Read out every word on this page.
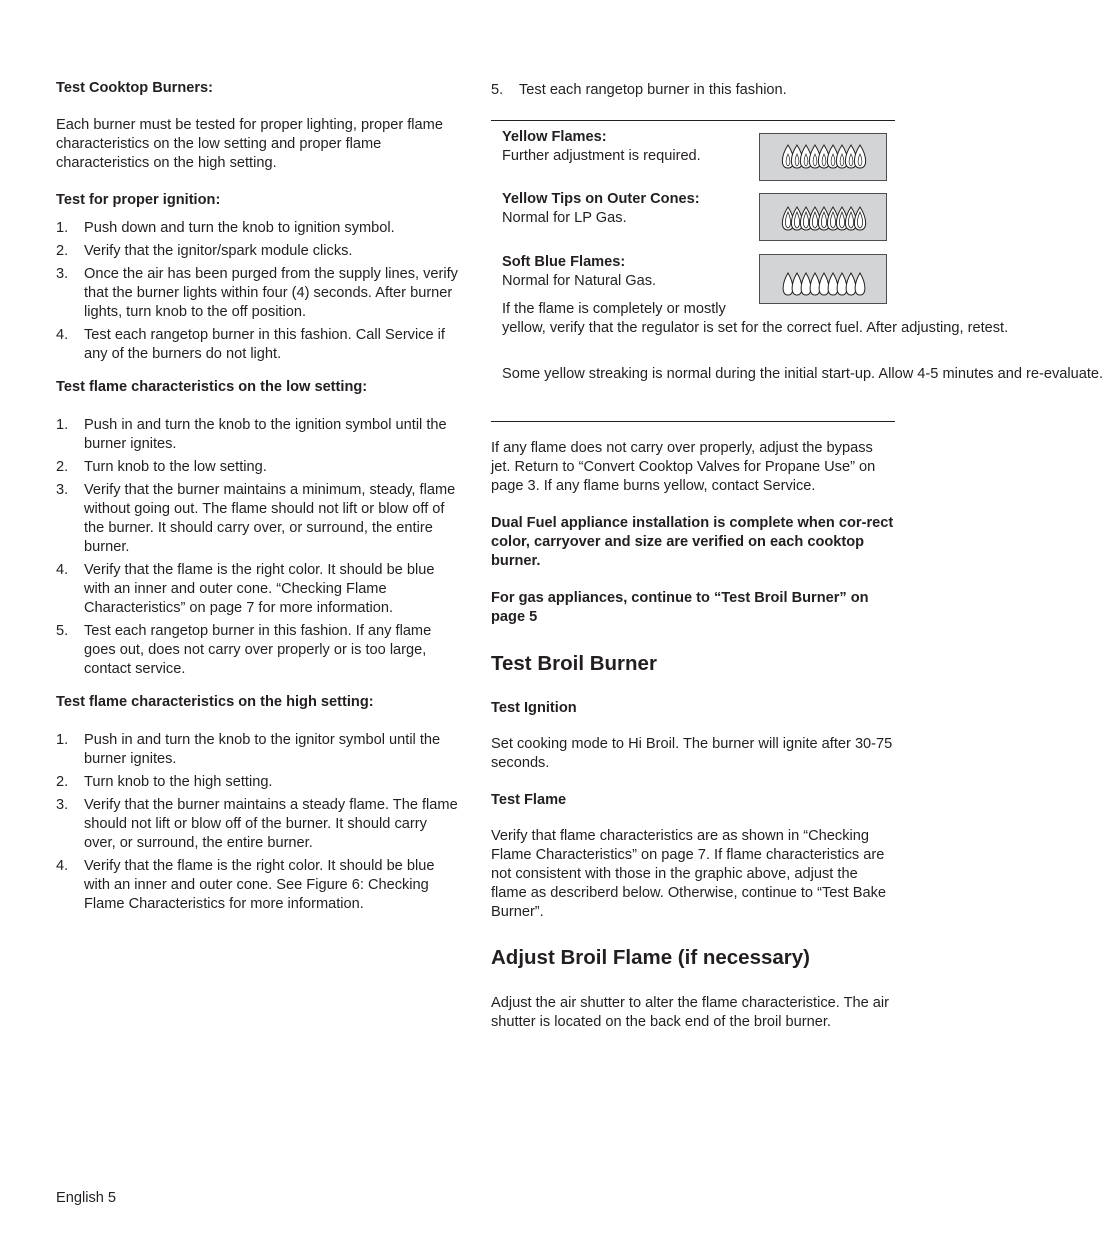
Test Cooktop Burners:

Each burner must be tested for proper lighting, proper flame characteristics on the low setting and proper flame characteristics on the high setting.

Test for proper ignition:

1. Push down and turn the knob to ignition symbol.
2. Verify that the ignitor/spark module clicks.
3. Once the air has been purged from the supply lines, verify that the burner lights within four (4) seconds. After burner lights, turn knob to the off position.
4. Test each rangetop burner in this fashion. Call Service if any of the burners do not light.

Test flame characteristics on the low setting:

1. Push in and turn the knob to the ignition symbol until the burner ignites.
2. Turn knob to the low setting.
3. Verify that the burner maintains a minimum, steady, flame without going out. The flame should not lift or blow off of the burner. It should carry over, or surround, the entire burner.
4. Verify that the flame is the right color. It should be blue with an inner and outer cone. “Checking Flame Characteristics” on page 7 for more information.
5. Test each rangetop burner in this fashion. If any flame goes out, does not carry over properly or is too large, contact service.

Test flame characteristics on the high setting:

1. Push in and turn the knob to the ignitor symbol until the burner ignites.
2. Turn knob to the high setting.
3. Verify that the burner maintains a steady flame. The flame should not lift or blow off of the burner. It should carry over, or surround, the entire burner.
4. Verify that the flame is the right color. It should be blue with an inner and outer cone. See Figure 6: Checking Flame Characteristics for more information.
5. Test each rangetop burner in this fashion.
Yellow Flames:
Further adjustment is required.
Yellow Tips on Outer Cones:
Normal for LP Gas.
Soft Blue Flames:
Normal for Natural Gas.
If the flame is completely or mostly
yellow, verify that the regulator is set for the correct fuel. After adjusting, retest.
Some yellow streaking is normal during the initial start-up. Allow 4-5 minutes and re-evaluate.

If any flame does not carry over properly, adjust the bypass jet. Return to “Convert Cooktop Valves for Propane Use” on page 3. If any flame burns yellow, contact Service.

Dual Fuel appliance installation is complete when cor-rect color, carryover and size are verified on each cooktop burner.

For gas appliances, continue to “Test Broil Burner” on page 5

Test Broil Burner

Test Ignition

Set cooking mode to Hi Broil. The burner will ignite after 30-75 seconds.

Test Flame

Verify that flame characteristics are as shown in “Checking Flame Characteristics” on page 7. If flame characteristics are not consistent with those in the graphic above, adjust the flame as describerd below. Otherwise, continue to “Test Bake Burner”.

Adjust Broil Flame (if necessary)

Adjust the air shutter to alter the flame characteristice. The air shutter is located on the back end of the broil burner.

English 5
